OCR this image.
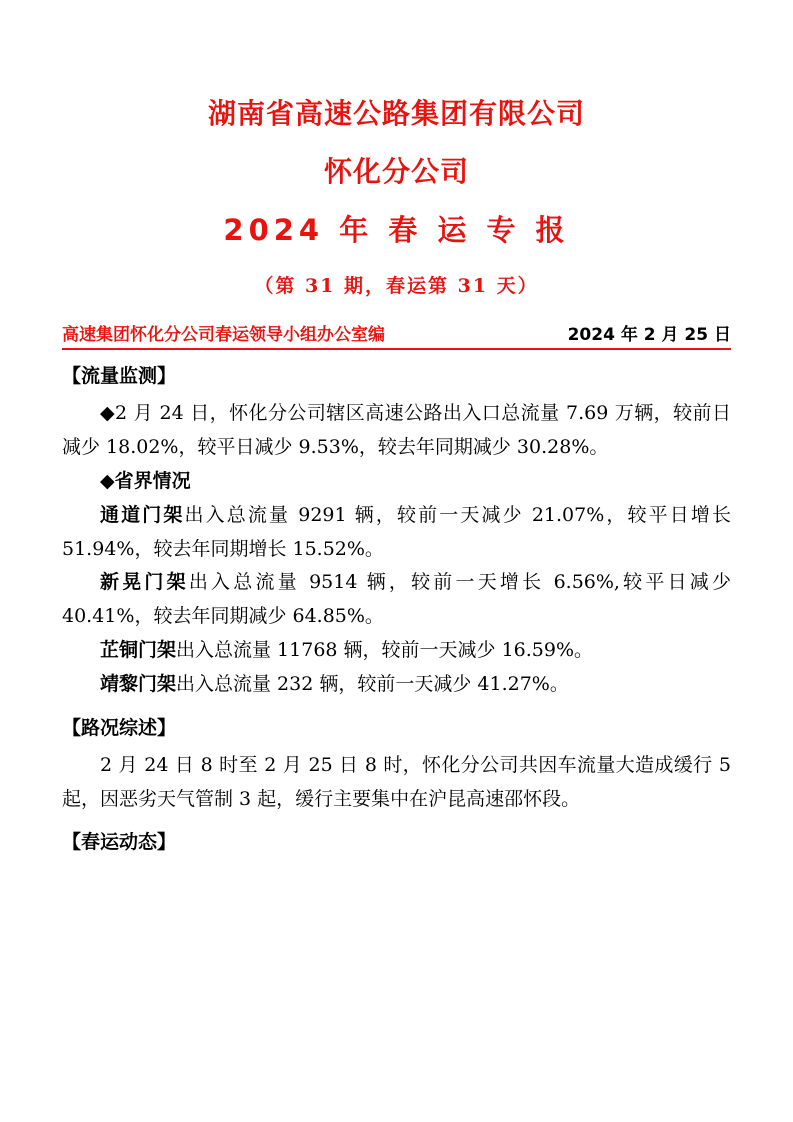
湖南省高速公路集团有限公司
怀化分公司
2024 年 春 运 专 报
（第 31 期，春运第 31 天）
高速集团怀化分公司春运领导小组办公室编	2024 年 2 月 25 日
【流量监测】

◆2 月 24 日，怀化分公司辖区高速公路出入口总流量 7.69 万辆，较前日减少 18.02%，较平日减少 9.53%，较去年同期减少 30.28%。

◆省界情况

通道门架出入总流量 9291 辆，较前一天减少 21.07%，较平日增长 51.94%，较去年同期增长 15.52%。

新晃门架出入总流量 9514 辆，较前一天增长 6.56%,较平日减少 40.41%，较去年同期减少 64.85%。

芷铜门架出入总流量 11768 辆，较前一天减少 16.59%。

靖黎门架出入总流量 232 辆，较前一天减少 41.27%。

【路况综述】

2 月 24 日 8 时至 2 月 25 日 8 时，怀化分公司共因车流量大造成缓行 5 起，因恶劣天气管制 3 起，缓行主要集中在沪昆高速邵怀段。

【春运动态】
